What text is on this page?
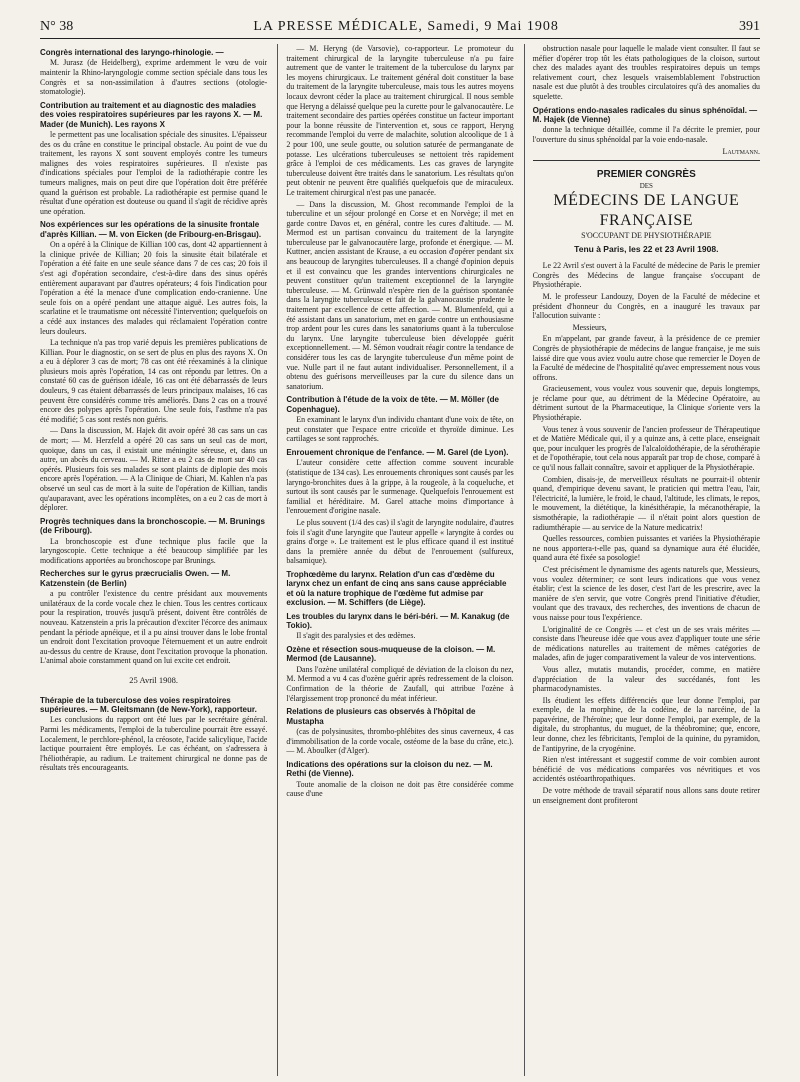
N° 38	LA PRESSE MÉDICALE, Samedi, 9 Mai 1908	391
Congrès international des laryngo-rhinologie. —

M. Jurasz (de Heidelberg), exprime ardemment le vœu de voir maintenir la Rhino-laryngologie comme section spéciale dans tous les Congrès et sa non-assimilation à d'autres sections (otologie-stomatologie).

Contribution au traitement et au diagnostic des maladies des voies respiratoires supérieures par les rayons X. — M. Mader (de Munich). Les rayons X

le permettent pas une localisation spéciale des sinusites. L'épaisseur des os du crâne en constitue le principal obstacle. Au point de vue du traitement, les rayons X sont souvent employés contre les tumeurs malignes des voies respiratoires supérieures. Il n'existe pas d'indications spéciales pour l'emploi de la radiothérapie contre les tumeurs malignes, mais on peut dire que l'opération doit être préférée quand la guérison est probable. La radiothérapie est permise quand le résultat d'une opération est douteuse ou quand il s'agit de récidive après une opération.

Nos expériences sur les opérations de la sinusite frontale d'après Killian. — M. von Eicken (de Fribourg-en-Brisgau).

On a opéré à la Clinique de Killian 100 cas, dont 42 appartiennent à la clinique privée de Killian; 20 fois la sinusite était bilatérale et l'opération a été faite en une seule séance dans 7 de ces cas; 20 fois il s'est agi d'opération secondaire, c'est-à-dire dans des sinus opérés entièrement auparavant par d'autres opérateurs; 4 fois l'indication pour l'opération a été la menace d'une complication endo-cranienne. Une seule fois on a opéré pendant une attaque aiguë. Les autres fois, la scarlatine et le traumatisme ont nécessité l'intervention; quelquefois on a cédé aux instances des malades qui réclamaient l'opération contre leurs douleurs.

La technique n'a pas trop varié depuis les premières publications de Killian. Pour le diagnostic, on se sert de plus en plus des rayons X. On a eu à déplorer 3 cas de mort; 78 cas ont été réexaminés à la clinique plusieurs mois après l'opération, 14 cas ont répondu par lettres. On a constaté 60 cas de guérison idéale, 16 cas ont été débarrassés de leurs douleurs, 9 cas étaient débarrassés de leurs principaux malaises, 16 cas peuvent être considérés comme très améliorés. Dans 2 cas on a trouvé encore des polypes après l'opération. Une seule fois, l'asthme n'a pas été modifié; 5 cas sont restés non guéris.

— Dans la discussion, M. Hajek dit avoir opéré 38 cas sans un cas de mort; — M. Herzfeld a opéré 20 cas sans un seul cas de mort, quoique, dans un cas, il existait une méningite séreuse, et, dans un autre, un abcès du cerveau. — M. Ritter a eu 2 cas de mort sur 40 cas opérés. Plusieurs fois ses malades se sont plaints de diplopie des mois encore après l'opération. — A la Clinique de Chiari, M. Kahlen n'a pas observé un seul cas de mort à la suite de l'opération de Killian, tandis qu'auparavant, avec les opérations incomplètes, on a eu 2 cas de mort à déplorer.

Progrès techniques dans la bronchoscopie. — M. Brunings (de Fribourg).

La bronchoscopie est d'une technique plus facile que la laryngoscopie. Cette technique a été beaucoup simplifiée par les modifications apportées au bronchoscope par Brunings.

Recherches sur le gyrus præcrucialis Owen. — M. Katzenstein (de Berlin)

a pu contrôler l'existence du centre présidant aux mouvements unilatéraux de la corde vocale chez le chien. Tous les centres corticaux pour la respiration, trouvés jusqu'à présent, doivent être contrôlés de nouveau. Katzenstein a pris la précaution d'exciter l'écorce des animaux pendant la période apnéique, et il a pu ainsi trouver dans le lobe frontal un endroit dont l'excitation provoque l'éternuement et un autre endroit au-dessus du centre de Krause, dont l'excitation provoque la phonation. L'animal aboie constamment quand on lui excite cet endroit.

25 Avril 1908.
Thérapie de la tuberculose des voies respiratoires supérieures. — M. Gleitsmann (de New-York), rapporteur.

Les conclusions du rapport ont été lues par le secrétaire général. Parmi les médicaments, l'emploi de la tuberculine pourrait être essayé. Localement, le perchlore-phénol, la créosote, l'acide salicylique, l'acide lactique pourraient être employés. Le cas échéant, on s'adressera à l'héliothérapie, au radium. Le traitement chirurgical ne donne pas de résultats très encourageants.

— M. Heryng (de Varsovie), co-rapporteur. Le promoteur du traitement chirurgical de la laryngite tuberculeuse n'a pu faire autrement que de vanter le traitement de la tuberculose du larynx par les moyens chirurgicaux. Le traitement général doit constituer la base du traitement de la laryngite tuberculeuse, mais tous les autres moyens locaux devront céder la place au traitement chirurgical. Il nous semble que Heryng a délaissé quelque peu la curette pour le galvanocautère. Le traitement secondaire des parties opérées constitue un facteur important pour la bonne réussite de l'intervention et, sous ce rapport, Heryng recommande l'emploi du verre de malachite, solution alcoolique de 1 à 2 pour 100, une seule goutte, ou solution saturée de permanganate de potasse. Les ulcérations tuberculeuses se nettoient très rapidement grâce à l'emploi de ces médicaments. Les cas graves de laryngite tuberculeuse doivent être traités dans le sanatorium. Les résultats qu'on peut obtenir ne peuvent être qualifiés quelquefois que de miraculeux. Le traitement chirurgical n'est pas une panacée.

— Dans la discussion, M. Ghost recommande l'emploi de la tuberculine et un séjour prolongé en Corse et en Norvège; il met en garde contre Davos et, en général, contre les cures d'altitude. — M. Mermod est un partisan convaincu du traitement de la laryngite tuberculeuse par le galvanocautère large, profonde et énergique. — M. Kuttner, ancien assistant de Krause, a eu occasion d'opérer pendant six ans beaucoup de laryngites tuberculeuses. Il a changé d'opinion depuis et il est convaincu que les grandes interventions chirurgicales ne peuvent constituer qu'un traitement exceptionnel de la laryngite tuberculeuse. — M. Grünwald n'espère rien de la guérison spontanée dans la laryngite tuberculeuse et fait de la galvanocaustie prudente le traitement par excellence de cette affection. — M. Blumenfeld, qui a été assistant dans un sanatorium, met en garde contre un enthousiasme trop ardent pour les cures dans les sanatoriums quant à la tuberculose du larynx. Une laryngite tuberculeuse bien développée guérit exceptionnellement. — M. Sémon voudrait réagir contre la tendance de considérer tous les cas de laryngite tuberculeuse d'un même point de vue. Nulle part il ne faut autant individualiser. Personnellement, il a obtenu des guérisons merveilleuses par la cure du silence dans un sanatorium.

Contribution à l'étude de la voix de tête. — M. Möller (de Copenhague).

En examinant le larynx d'un individu chantant d'une voix de tête, on peut constater que l'espace entre cricoïde et thyroïde diminue. Les cartilages se sont rapprochés.

Enrouement chronique de l'enfance. — M. Garel (de Lyon).

L'auteur considère cette affection comme souvent incurable (statistique de 134 cas). Les enrouements chroniques sont causés par les laryngo-bronchites dues à la grippe, à la rougeole, à la coqueluche, et surtout ils sont causés par le surmenage. Quelquefois l'enrouement est familial et héréditaire. M. Garel attache moins d'importance à l'enrouement d'origine nasale.

Le plus souvent (1/4 des cas) il s'agit de laryngite nodulaire, d'autres fois il s'agit d'une laryngite que l'auteur appelle « laryngite à cordes ou grains d'orge ». Le traitement est le plus efficace quand il est institué dans la première année du début de l'enrouement (sulfureux, balsamique).

Trophœdème du larynx. Relation d'un cas d'œdème du larynx chez un enfant de cinq ans sans cause appréciable et où la nature trophique de l'œdème fut admise par exclusion. — M. Schiffers (de Liège).
Les troubles du larynx dans le béri-béri. — M. Kanakug (de Tokio).

Il s'agit des paralysies et des œdèmes.

Ozène et résection sous-muqueuse de la cloison. — M. Mermod (de Lausanne).

Dans l'ozène unilatéral compliqué de déviation de la cloison du nez, M. Mermod a vu 4 cas d'ozène guérir après redressement de la cloison. Confirmation de la théorie de Zaufall, qui attribue l'ozène à l'élargissement trop prononcé du méat inférieur.

Relations de plusieurs cas observés à l'hôpital de Mustapha

(cas de polysinusites, thrombo-phlébites des sinus caverneux, 4 cas d'immobilisation de la corde vocale, ostéome de la base du crâne, etc.). — M. Aboulker (d'Alger).

Indications des opérations sur la cloison du nez. — M. Rethi (de Vienne).

Toute anomalie de la cloison ne doit pas être considérée comme cause d'une

obstruction nasale pour laquelle le malade vient consulter. Il faut se méfier d'opérer trop tôt les états pathologiques de la cloison, surtout chez des malades ayant des troubles respiratoires depuis un temps relativement court, chez lesquels vraisemblablement l'obstruction nasale est due plutôt à des troubles circulatoires qu'à des anomalies du squelette.

Opérations endo-nasales radicales du sinus sphénoïdal. — M. Hajek (de Vienne)

donne la technique détaillée, comme il l'a décrite le premier, pour l'ouverture du sinus sphénoïdal par la voie endo-nasale.

Lautmann.
PREMIER CONGRÈS
DES
MÉDECINS DE LANGUE FRANÇAISE
S'OCCUPANT DE PHYSIOTHÉRAPIE
Tenu à Paris, les 22 et 23 Avril 1908.

Le 22 Avril s'est ouvert à la Faculté de médecine de Paris le premier Congrès des Médecins de langue française s'occupant de Physiothérapie.

M. le professeur Landouzy, Doyen de la Faculté de médecine et président d'honneur du Congrès, en a inauguré les travaux par l'allocution suivante :

Messieurs,

En m'appelant, par grande faveur, à la présidence de ce premier Congrès de physiothérapie de médecins de langue française, je me suis laissé dire que vous aviez voulu autre chose que remercier le Doyen de la Faculté de médecine de l'hospitalité qu'avec empressement nous vous offrons.

Gracieusement, vous voulez vous souvenir que, depuis longtemps, je réclame pour que, au détriment de la Médecine Opératoire, au détriment surtout de la Pharmaceutique, la Clinique s'oriente vers la Physiothérapie.

Vous tenez à vous souvenir de l'ancien professeur de Thérapeutique et de Matière Médicale qui, il y a quinze ans, à cette place, enseignait que, pour inculquer les progrès de l'alcaloïdothérapie, de la sérothérapie et de l'opothérapie, tout cela nous apparaît par trop de chose, comparé à ce qu'il nous fallait connaître, savoir et appliquer de la Physiothérapie.

Combien, disais-je, de merveilleux résultats ne pourrait-il obtenir quand, d'empirique devenu savant, le praticien qui mettra l'eau, l'air, l'électricité, la lumière, le froid, le chaud, l'altitude, les climats, le repos, le mouvement, la diététique, la kinésithérapie, la mécanothérapie, la sismothérapie, la radiothérapie — il n'était point alors question de radiumthérapie — au service de la Nature medicatrix!

Quelles ressources, combien puissantes et variées la Physiothérapie ne nous apportera-t-elle pas, quand sa dynamique aura été élucidée, quand aura été fixée sa posologie!

C'est précisément le dynamisme des agents naturels que, Messieurs, vous voulez déterminer; ce sont leurs indications que vous venez établir; c'est la science de les doser, c'est l'art de les prescrire, avec la manière de s'en servir, que votre Congrès prend l'initiative d'étudier, voulant que des travaux, des recherches, des inventions de chacun de vous naisse pour tous l'expérience.

L'originalité de ce Congrès — et c'est un de ses vrais mérites — consiste dans l'heureuse idée que vous avez d'appliquer toute une série de médications naturelles au traitement de mêmes catégories de malades, afin de juger comparativement la valeur de vos interventions.

Vous allez, mutatis mutandis, procéder, comme, en matière d'appréciation de la valeur des succédanés, font les pharmacodynamistes.

Ils étudient les effets différenciés que leur donne l'emploi, par exemple, de la morphine, de la codéine, de la narcéine, de la papavérine, de l'héroïne; que leur donne l'emploi, par exemple, de la digitale, du strophantus, du muguet, de la théobromine; que, encore, leur donne, chez les fébricitants, l'emploi de la quinine, du pyramidon, de l'antipyrine, de la cryogénine.

Rien n'est intéressant et suggestif comme de voir combien auront bénéficié de vos médications comparées vos névritiques et vos accidentés ostéoarthropathiques.

De votre méthode de travail séparatif nous allons sans doute retirer un enseignement dont profiteront
